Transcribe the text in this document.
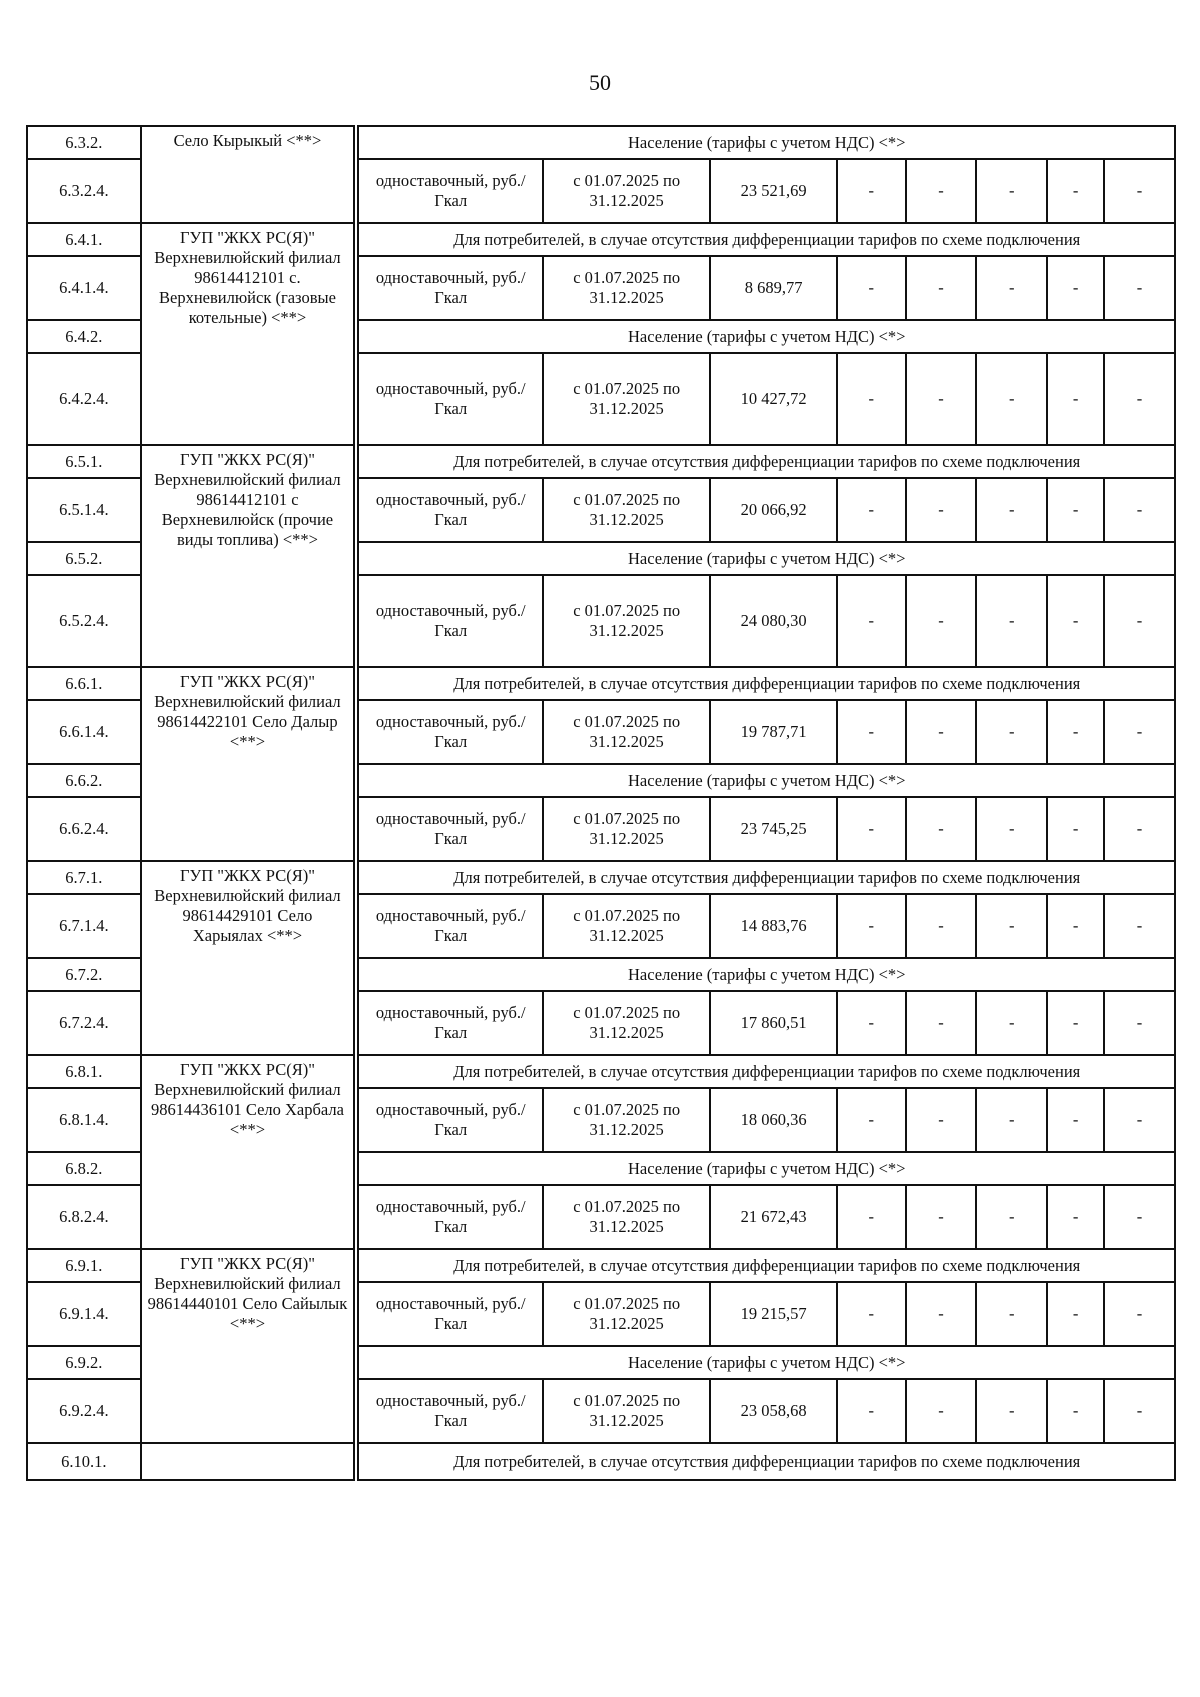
50
6.3.2.	Село Кырыкый <**>		Население (тарифы с учетом НДС) <*>							
6.3.2.4.			одноставочный, руб./Гкал	с 01.07.2025 по 31.12.2025	23 521,69	-	-	-	-	-
6.4.1.	ГУП "ЖКХ РС(Я)" Верхневилюйский филиал 98614412101 с. Верхневилюйск (газовые котельные) <**>		Для потребителей, в случае отсутствия дифференциации тарифов по схеме подключения							
6.4.1.4.			одноставочный, руб./Гкал	с 01.07.2025 по 31.12.2025	8 689,77	-	-	-	-	-
6.4.2.			Население (тарифы с учетом НДС) <*>							
6.4.2.4.			одноставочный, руб./Гкал	с 01.07.2025 по 31.12.2025	10 427,72	-	-	-	-	-
6.5.1.	ГУП "ЖКХ РС(Я)" Верхневилюйский филиал 98614412101 с Верхневилюйск (прочие виды топлива) <**>		Для потребителей, в случае отсутствия дифференциации тарифов по схеме подключения							
6.5.1.4.			одноставочный, руб./Гкал	с 01.07.2025 по 31.12.2025	20 066,92	-	-	-	-	-
6.5.2.			Население (тарифы с учетом НДС) <*>							
6.5.2.4.			одноставочный, руб./Гкал	с 01.07.2025 по 31.12.2025	24 080,30	-	-	-	-	-
6.6.1.	ГУП "ЖКХ РС(Я)" Верхневилюйский филиал 98614422101 Село Далыр <**>		Для потребителей, в случае отсутствия дифференциации тарифов по схеме подключения							
6.6.1.4.			одноставочный, руб./Гкал	с 01.07.2025 по 31.12.2025	19 787,71	-	-	-	-	-
6.6.2.			Население (тарифы с учетом НДС) <*>							
6.6.2.4.			одноставочный, руб./Гкал	с 01.07.2025 по 31.12.2025	23 745,25	-	-	-	-	-
6.7.1.	ГУП "ЖКХ РС(Я)" Верхневилюйский филиал 98614429101 Село Харыялах <**>		Для потребителей, в случае отсутствия дифференциации тарифов по схеме подключения							
6.7.1.4.			одноставочный, руб./Гкал	с 01.07.2025 по 31.12.2025	14 883,76	-	-	-	-	-
6.7.2.			Население (тарифы с учетом НДС) <*>							
6.7.2.4.			одноставочный, руб./Гкал	с 01.07.2025 по 31.12.2025	17 860,51	-	-	-	-	-
6.8.1.	ГУП "ЖКХ РС(Я)" Верхневилюйский филиал 98614436101 Село Харбала <**>		Для потребителей, в случае отсутствия дифференциации тарифов по схеме подключения							
6.8.1.4.			одноставочный, руб./Гкал	с 01.07.2025 по 31.12.2025	18 060,36	-	-	-	-	-
6.8.2.			Население (тарифы с учетом НДС) <*>							
6.8.2.4.			одноставочный, руб./Гкал	с 01.07.2025 по 31.12.2025	21 672,43	-	-	-	-	-
6.9.1.	ГУП "ЖКХ РС(Я)" Верхневилюйский филиал 98614440101 Село Сайылык <**>		Для потребителей, в случае отсутствия дифференциации тарифов по схеме подключения							
6.9.1.4.			одноставочный, руб./Гкал	с 01.07.2025 по 31.12.2025	19 215,57	-	-	-	-	-
6.9.2.			Население (тарифы с учетом НДС) <*>							
6.9.2.4.			одноставочный, руб./Гкал	с 01.07.2025 по 31.12.2025	23 058,68	-	-	-	-	-
6.10.1.			Для потребителей, в случае отсутствия дифференциации тарифов по схеме подключения							
